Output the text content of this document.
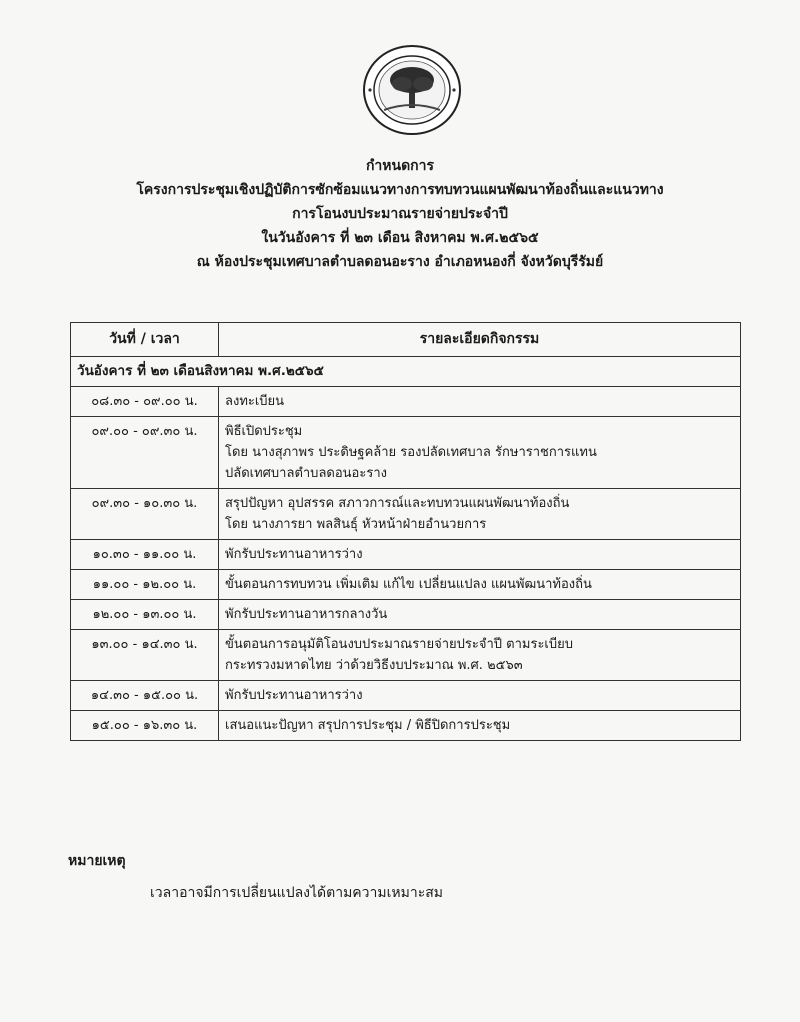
กำหนดการ
โครงการประชุมเชิงปฏิบัติการซักซ้อมแนวทางการทบทวนแผนพัฒนาท้องถิ่นและแนวทาง
การโอนงบประมาณรายจ่ายประจำปี
ในวันอังคาร ที่ ๒๓ เดือน สิงหาคม พ.ศ.๒๕๖๕
ณ ห้องประชุมเทศบาลตำบลดอนอะราง อำเภอหนองกี่ จังหวัดบุรีรัมย์
วันที่ / เวลา	รายละเอียดกิจกรรม
วันอังคาร ที่ ๒๓ เดือนสิงหาคม พ.ศ.๒๕๖๕	
๐๘.๓๐ - ๐๙.๐๐ น.	ลงทะเบียน

๐๙.๐๐ - ๐๙.๓๐ น.	พิธีเปิดประชุม
โดย นางสุภาพร ประดิษฐคล้าย รองปลัดเทศบาล รักษาราชการแทน
ปลัดเทศบาลตำบลดอนอะราง

๐๙.๓๐ - ๑๐.๓๐ น.	สรุปปัญหา อุปสรรค สภาวการณ์และทบทวนแผนพัฒนาท้องถิ่น
โดย นางภารยา พลสินธุ์ หัวหน้าฝ่ายอำนวยการ

๑๐.๓๐ - ๑๑.๐๐ น.	พักรับประทานอาหารว่าง

๑๑.๐๐ - ๑๒.๐๐ น.	ขั้นตอนการทบทวน เพิ่มเติม แก้ไข เปลี่ยนแปลง แผนพัฒนาท้องถิ่น

๑๒.๐๐ - ๑๓.๐๐ น.	พักรับประทานอาหารกลางวัน

๑๓.๐๐ - ๑๔.๓๐ น.	ขั้นตอนการอนุมัติโอนงบประมาณรายจ่ายประจำปี ตามระเบียบ
กระทรวงมหาดไทย ว่าด้วยวิธีงบประมาณ พ.ศ. ๒๕๖๓

๑๔.๓๐ - ๑๕.๐๐ น.	พักรับประทานอาหารว่าง

๑๕.๐๐ - ๑๖.๓๐ น.	เสนอแนะปัญหา สรุปการประชุม / พิธีปิดการประชุม
หมายเหตุ
เวลาอาจมีการเปลี่ยนแปลงได้ตามความเหมาะสม
